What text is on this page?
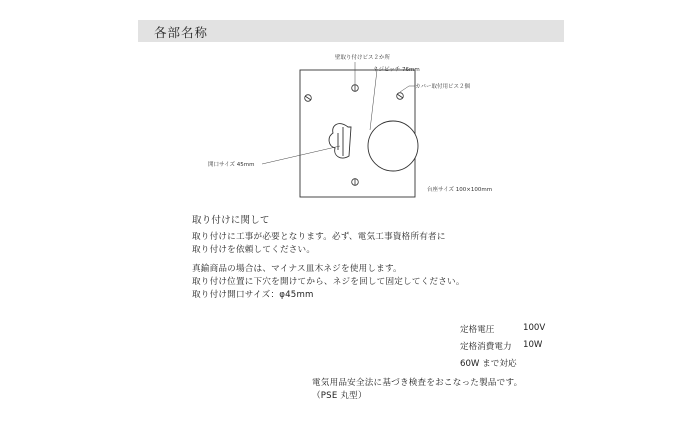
各部名称
壁取り付けビス２か所
ネジピッチ 76mm
カバー取付用ビス２個
開口サイズ 45mm
台座サイズ 100×100mm
取り付けに関して
取り付けに工事が必要となります。必ず、電気工事資格所有者に
取り付けを依頼してください。
真鍮商品の場合は、マイナス皿木ネジを使用します。
取り付け位置に下穴を開けてから、ネジを回して固定してください。
取り付け開口サイズ：φ45mm
定格電圧	100V
定格消費電力 10W
60W まで対応
電気用品安全法に基づき検査をおこなった製品です。
（PSE 丸型）
